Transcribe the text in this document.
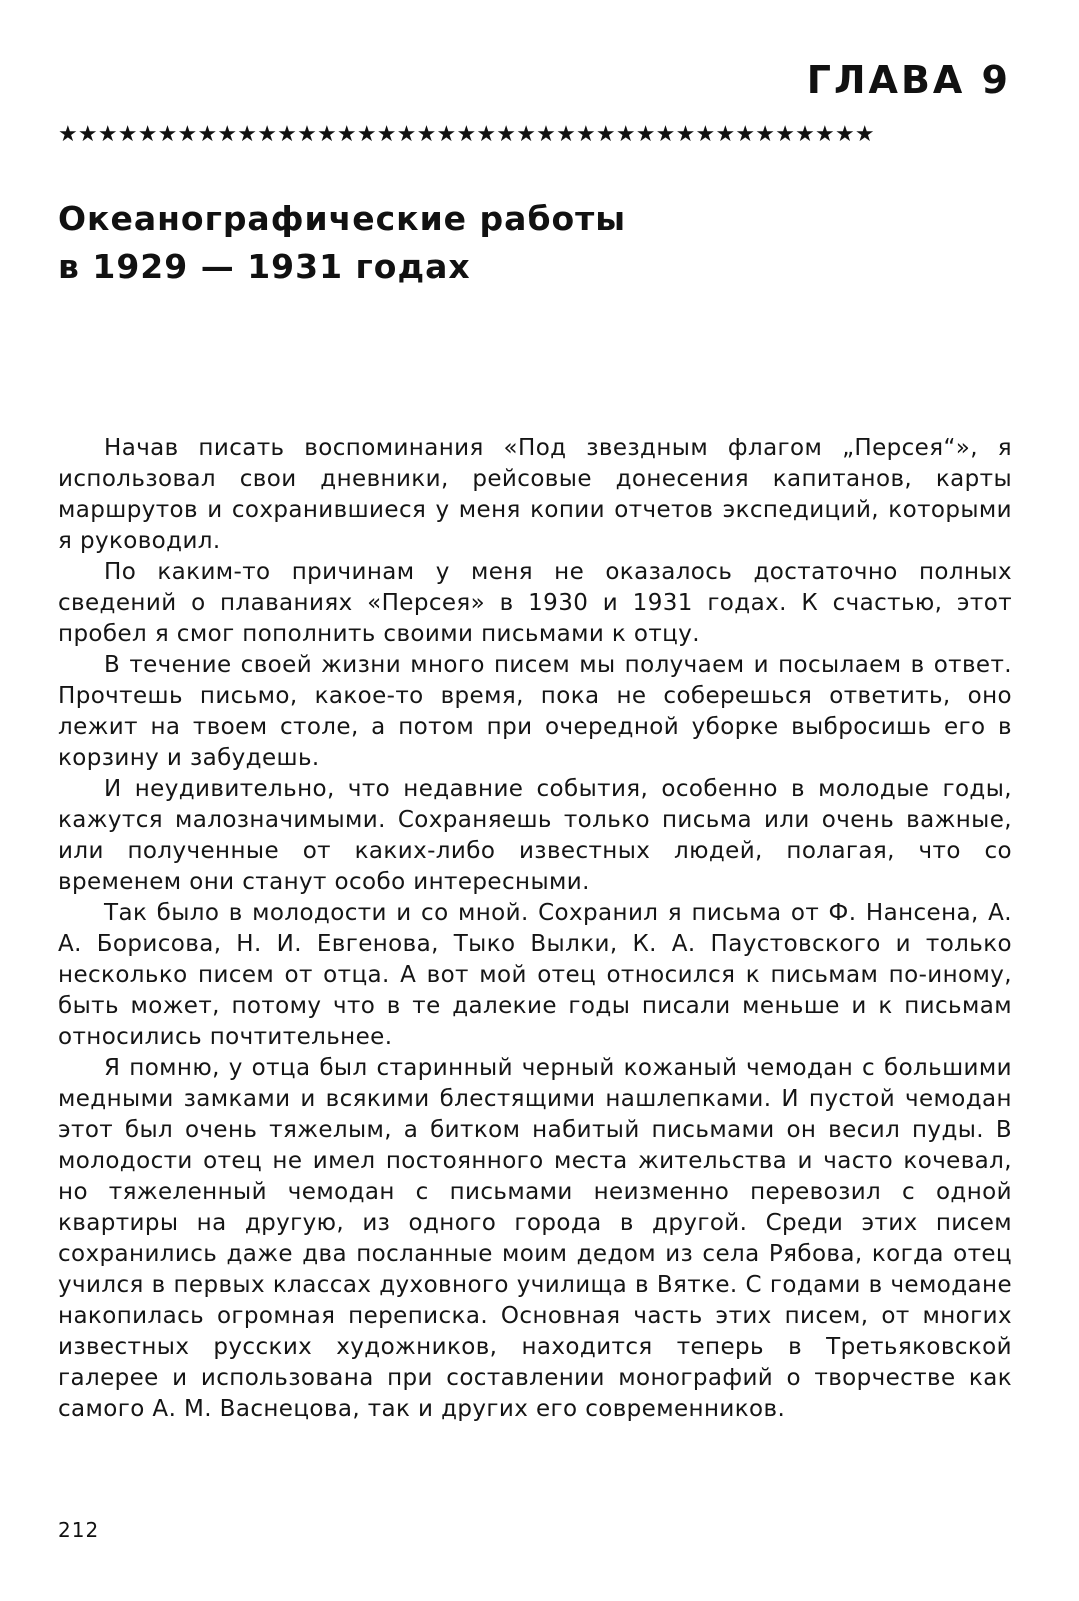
ГЛАВА 9
★★★★★★★★★★★★★★★★★★★★★★★★★★★★★★★★★★★★★★★★★
Океанографические работы
в 1929 — 1931 годах

Начав писать воспоминания «Под звездным флагом „Персея“», я использовал свои дневники, рейсовые донесения капитанов, карты маршрутов и сохранившиеся у меня копии отчетов экспедиций, которыми я руководил.

По каким-то причинам у меня не оказалось достаточно полных сведений о плаваниях «Персея» в 1930 и 1931 годах. К счастью, этот пробел я смог пополнить своими письмами к отцу.

В течение своей жизни много писем мы получаем и посылаем в ответ. Прочтешь письмо, какое-то время, пока не соберешься ответить, оно лежит на твоем столе, а потом при очередной уборке выбросишь его в корзину и забудешь.

И неудивительно, что недавние события, особенно в молодые годы, кажутся малозначимыми. Сохраняешь только письма или очень важные, или полученные от каких-либо известных людей, полагая, что со временем они станут особо интересными.

Так было в молодости и со мной. Сохранил я письма от Ф. Нансена, А. А. Борисова, Н. И. Евгенова, Тыко Вылки, К. А. Паустовского и только несколько писем от отца. А вот мой отец относился к письмам по-иному, быть может, потому что в те далекие годы писали меньше и к письмам относились почтительнее.

Я помню, у отца был старинный черный кожаный чемодан с большими медными замками и всякими блестящими нашлепками. И пустой чемодан этот был очень тяжелым, а битком набитый письмами он весил пуды. В молодости отец не имел постоянного места жительства и часто кочевал, но тяжеленный чемодан с письмами неизменно перевозил с одной квартиры на другую, из одного города в другой. Среди этих писем сохранились даже два посланные моим дедом из села Рябова, когда отец учился в первых классах духовного училища в Вятке. С годами в чемодане накопилась огромная переписка. Основная часть этих писем, от многих известных русских художников, находится теперь в Третьяковской галерее и использована при составлении монографий о творчестве как самого А. М. Васнецова, так и других его современников.

212
